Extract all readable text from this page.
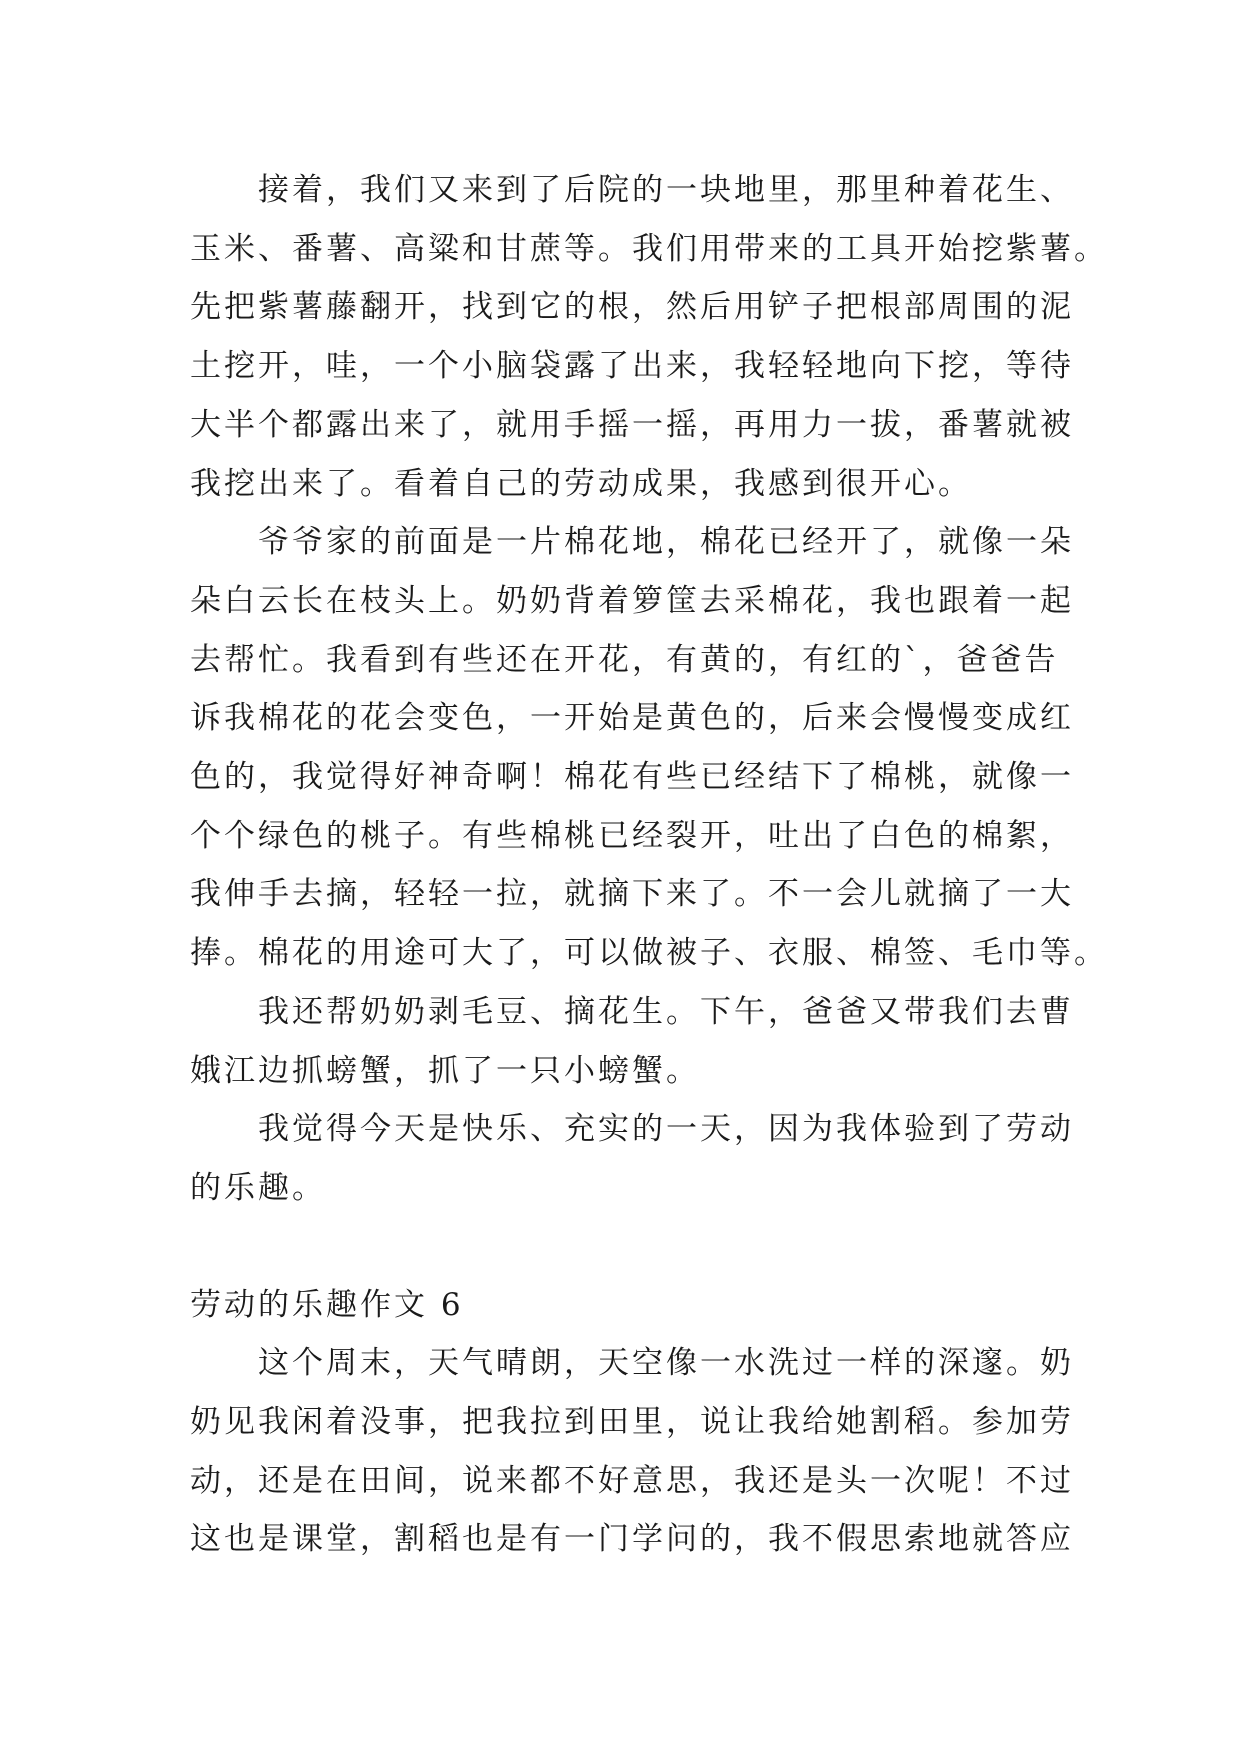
接着，我们又来到了后院的一块地里，那里种着花生、
玉米、番薯、高粱和甘蔗等。我们用带来的工具开始挖紫薯。
先把紫薯藤翻开，找到它的根，然后用铲子把根部周围的泥
土挖开，哇，一个小脑袋露了出来，我轻轻地向下挖，等待
大半个都露出来了，就用手摇一摇，再用力一拔，番薯就被
我挖出来了。看着自己的劳动成果，我感到很开心。
爷爷家的前面是一片棉花地，棉花已经开了，就像一朵
朵白云长在枝头上。奶奶背着箩筐去采棉花，我也跟着一起
去帮忙。我看到有些还在开花，有黄的，有红的`，爸爸告
诉我棉花的花会变色，一开始是黄色的，后来会慢慢变成红
色的，我觉得好神奇啊！棉花有些已经结下了棉桃，就像一
个个绿色的桃子。有些棉桃已经裂开，吐出了白色的棉絮，
我伸手去摘，轻轻一拉，就摘下来了。不一会儿就摘了一大
捧。棉花的用途可大了，可以做被子、衣服、棉签、毛巾等。
我还帮奶奶剥毛豆、摘花生。下午，爸爸又带我们去曹
娥江边抓螃蟹，抓了一只小螃蟹。
我觉得今天是快乐、充实的一天，因为我体验到了劳动
的乐趣。
劳动的乐趣作文 6
这个周末，天气晴朗，天空像一水洗过一样的深邃。奶
奶见我闲着没事，把我拉到田里，说让我给她割稻。参加劳
动，还是在田间，说来都不好意思，我还是头一次呢！不过
这也是课堂，割稻也是有一门学问的，我不假思索地就答应
